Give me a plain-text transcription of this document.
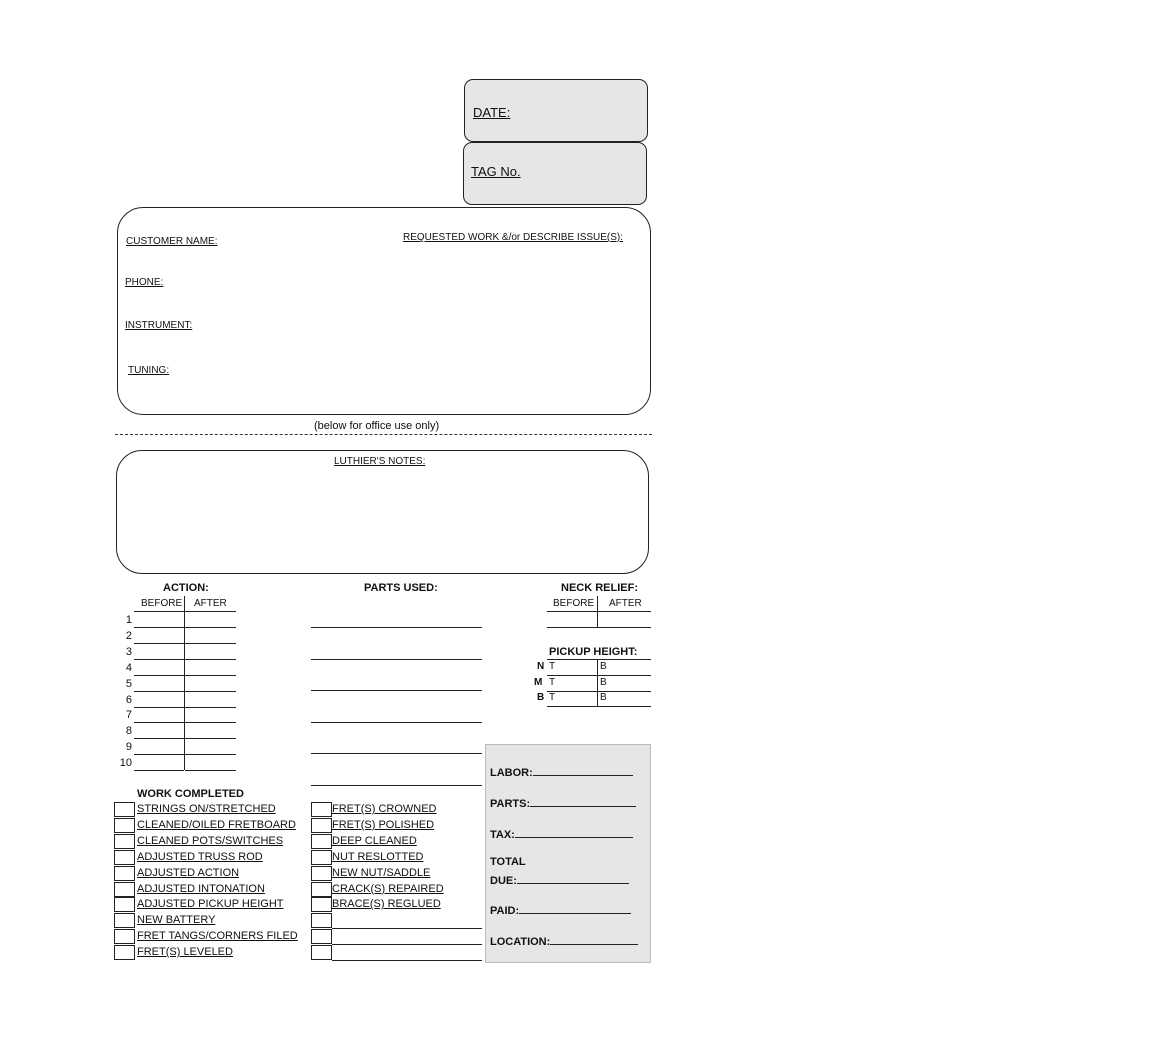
DATE:
TAG No.
CUSTOMER NAME:
PHONE:
INSTRUMENT:
TUNING:
REQUESTED WORK &/or DESCRIBE ISSUE(S):
(below for office use only)
LUTHIER'S NOTES:
ACTION:
BEFORE AFTER
1
2
3
4
5
6
7
8
9
10
PARTS USED:	NECK RELIEF:
BEFORE AFTER
PICKUP HEIGHT:
N T	B
M T	B
B T	B
WORK COMPLETED
STRINGS ON/STRETCHED
CLEANED/OILED FRETBOARD
CLEANED POTS/SWITCHES
ADJUSTED TRUSS ROD
ADJUSTED ACTION
ADJUSTED INTONATION
ADJUSTED PICKUP HEIGHT
NEW BATTERY
FRET TANGS/CORNERS FILED
FRET(S) LEVELED
FRET(S) CROWNED
FRET(S) POLISHED
DEEP CLEANED
NUT RESLOTTED
NEW NUT/SADDLE
CRACK(S) REPAIRED
BRACE(S) REGLUED
LABOR:
PARTS:
TAX:
TOTAL
DUE:
PAID:
LOCATION:
